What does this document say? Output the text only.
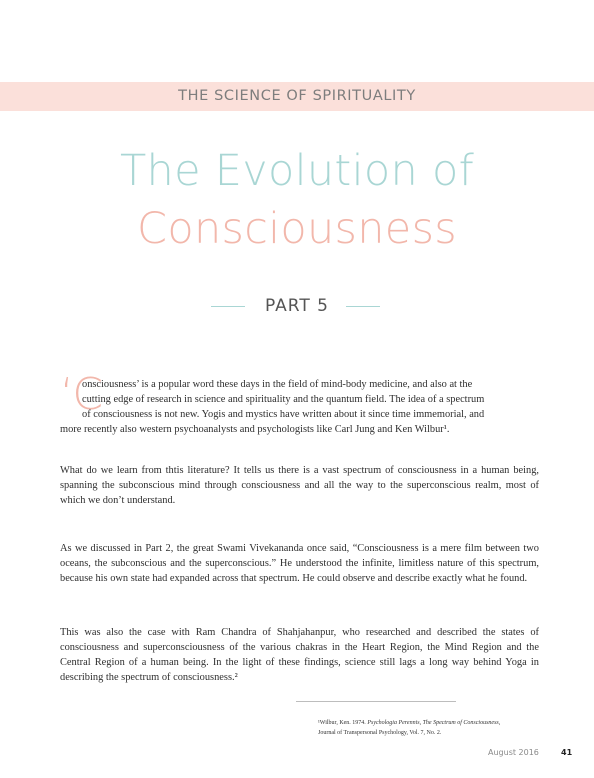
THE SCIENCE OF SPIRITUALITY
The Evolution of
Consciousness
PART 5
‘C

onsciousness’ is a popular word these days in the field of mind-body medicine, and also at the
cutting edge of research in science and spirituality and the quantum field. The idea of a spectrum
of consciousness is not new. Yogis and mystics have written about it since time immemorial, and
more recently also western psychoanalysts and psychologists like Carl Jung and Ken Wilbur¹.

What do we learn from thtis literature? It tells us there is a vast spectrum of consciousness in a human being, spanning the subconscious mind through consciousness and all the way to the superconscious realm, most of which we don’t understand.

As we discussed in Part 2, the great Swami Vivekananda once said, “Consciousness is a mere film between two oceans, the subconscious and the superconscious.” He understood the infinite, limitless nature of this spectrum, because his own state had expanded across that spectrum. He could observe and describe exactly what he found.

This was also the case with Ram Chandra of Shahjahanpur, who researched and described the states of consciousness and superconsciousness of the various chakras in the Heart Region, the Mind Region and the Central Region of a human being. In the light of these findings, science still lags a long way behind Yoga in describing the spectrum of consciousness.²

¹Wilbur, Ken. 1974. Psychologia Perennis, The Spectrum of Consciousness,
Journal of Transpersonal Psychology, Vol. 7, No. 2.

August 2016	41
